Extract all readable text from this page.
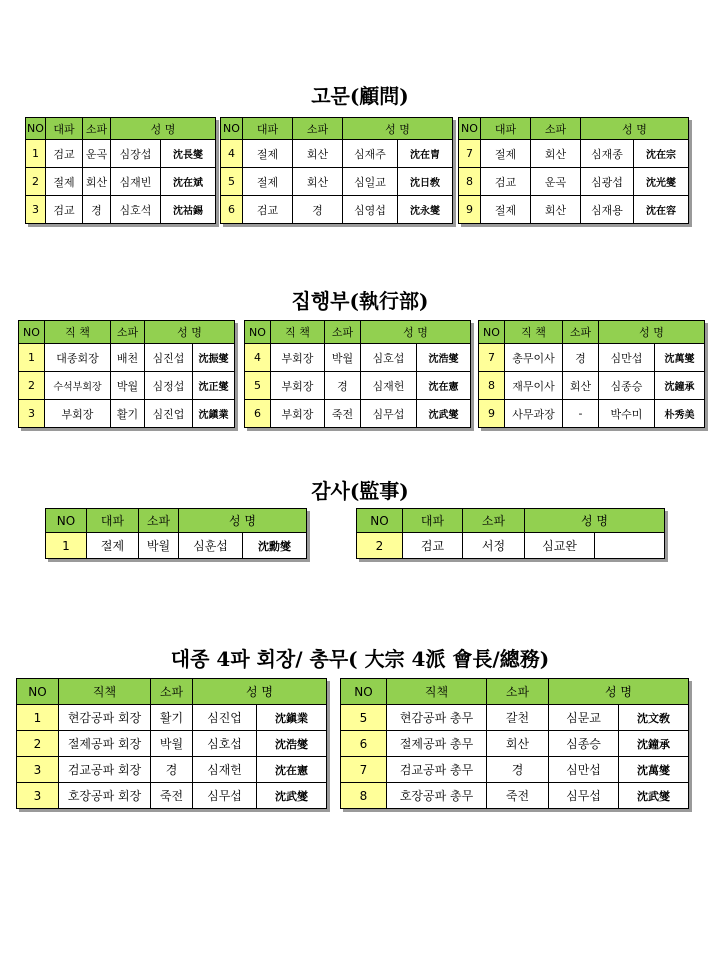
고문(顧問)
NO	대파	소파	성 명	
1	검교	운곡	심장섭	沈長燮
2	절제	회산	심재빈	沈在斌
3	검교	경	심호석	沈祜錫
NO	대파	소파	성 명	
4	절제	회산	심재주	沈在胄
5	절제	회산	심일교	沈日敎
6	검교	경	심영섭	沈永燮
NO	대파	소파	성 명	
7	절제	회산	심재종	沈在宗
8	검교	운곡	심광섭	沈光燮
9	절제	회산	심재용	沈在容
집행부(執行部)
NO	직 책	소파	성 명	
1	대종회장	배천	심진섭	沈振燮
2	수석부회장	박월	심정섭	沈正燮
3	부회장	활기	심진업	沈鎭業
NO	직 책	소파	성 명	
4	부회장	박월	심호섭	沈浩燮
5	부회장	경	심재헌	沈在憲
6	부회장	죽전	심무섭	沈武燮
NO	직 책	소파	성 명	
7	총무이사	경	심만섭	沈萬燮
8	재무이사	회산	심종승	沈鐘承
9	사무과장	-	박수미	朴秀美
감사(監事)
NO	대파	소파	성 명	
1	절제	박월	심훈섭	沈勳燮
NO	대파	소파	성 명	
2	검교	서정	심교완	
대종 4파 회장/ 총무( 大宗 4派 會長/總務)
NO	직책	소파	성 명	
1	현감공파 회장	활기	심진업	沈鎭業
2	절제공파 회장	박월	심호섭	沈浩燮
3	검교공파 회장	경	심재헌	沈在憲
3	호장공파 회장	죽전	심무섭	沈武燮
NO	직책	소파	성 명	
5	현감공파 총무	갈천	심문교	沈文敎
6	절제공파 총무	회산	심종승	沈鐘承
7	검교공파 총무	경	심만섭	沈萬燮
8	호장공파 총무	죽전	심무섭	沈武燮
